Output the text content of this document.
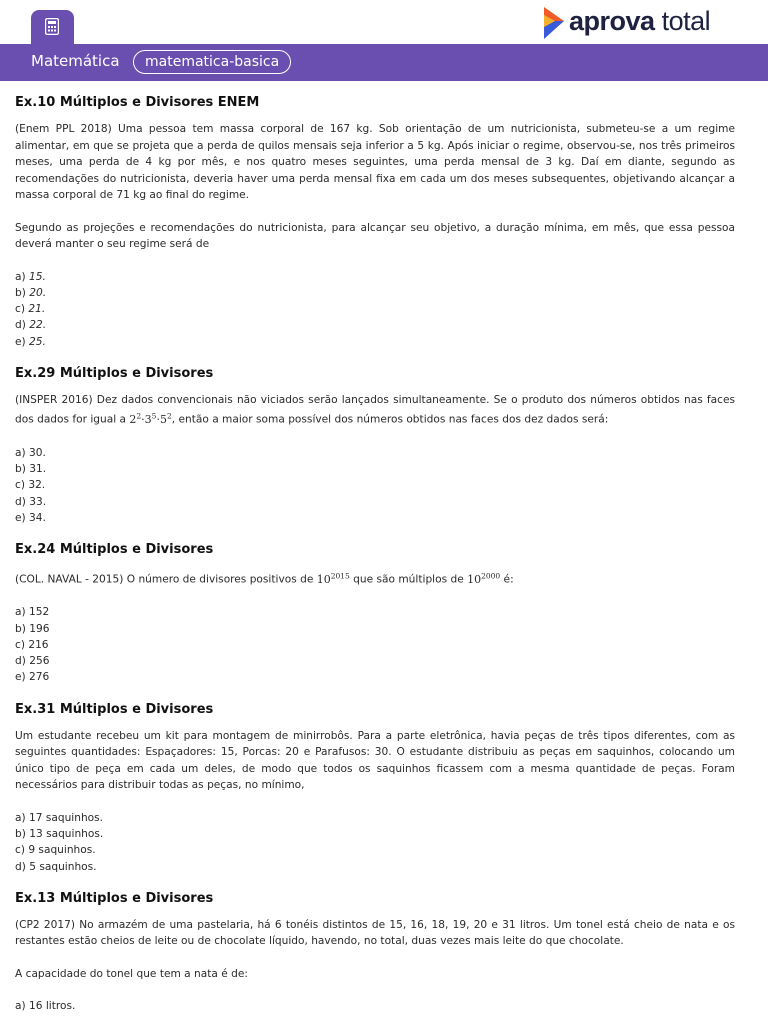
aprova total
Matemática	matematica-basica
Ex.10 Múltiplos e Divisores ENEM

(Enem PPL 2018) Uma pessoa tem massa corporal de 167 kg. Sob orientação de um nutricionista, submeteu-se a um regime alimentar, em que se projeta que a perda de quilos mensais seja inferior a 5 kg. Após iniciar o regime, observou-se, nos três primeiros meses, uma perda de 4 kg por mês, e nos quatro meses seguintes, uma perda mensal de 3 kg. Daí em diante, segundo as recomendações do nutricionista, deveria haver uma perda mensal fixa em cada um dos meses subsequentes, objetivando alcançar a massa corporal de 71 kg ao final do regime.

Segundo as projeções e recomendações do nutricionista, para alcançar seu objetivo, a duração mínima, em mês, que essa pessoa deverá manter o seu regime será de

a) 15.
b) 20.
c) 21.
d) 22.
e) 25.
Ex.29 Múltiplos e Divisores

(INSPER 2016) Dez dados convencionais não viciados serão lançados simultaneamente. Se o produto dos números obtidos nas faces dos dados for igual a $2^2\cdot 3^5\cdot 5^2$, então a maior soma possível dos números obtidos nas faces dos dez dados será:

a) 30.
b) 31.
c) 32.
d) 33.
e) 34.
Ex.24 Múltiplos e Divisores

(COL. NAVAL - 2015) O número de divisores positivos de $10^{2015}$ que são múltiplos de $10^{2000}$ é:

a) 152
b) 196
c) 216
d) 256
e) 276
Ex.31 Múltiplos e Divisores

Um estudante recebeu um kit para montagem de minirrobôs. Para a parte eletrônica, havia peças de três tipos diferentes, com as seguintes quantidades: Espaçadores: 15, Porcas: 20 e Parafusos: 30. O estudante distribuiu as peças em saquinhos, colocando um único tipo de peça em cada um deles, de modo que todos os saquinhos ficassem com a mesma quantidade de peças. Foram necessários para distribuir todas as peças, no mínimo,

a) 17 saquinhos.
b) 13 saquinhos.
c) 9 saquinhos.
d) 5 saquinhos.
Ex.13 Múltiplos e Divisores

(CP2 2017) No armazém de uma pastelaria, há 6 tonéis distintos de 15, 16, 18, 19, 20 e 31 litros. Um tonel está cheio de nata e os restantes estão cheios de leite ou de chocolate líquido, havendo, no total, duas vezes mais leite do que chocolate.

A capacidade do tonel que tem a nata é de:

a) 16 litros.
